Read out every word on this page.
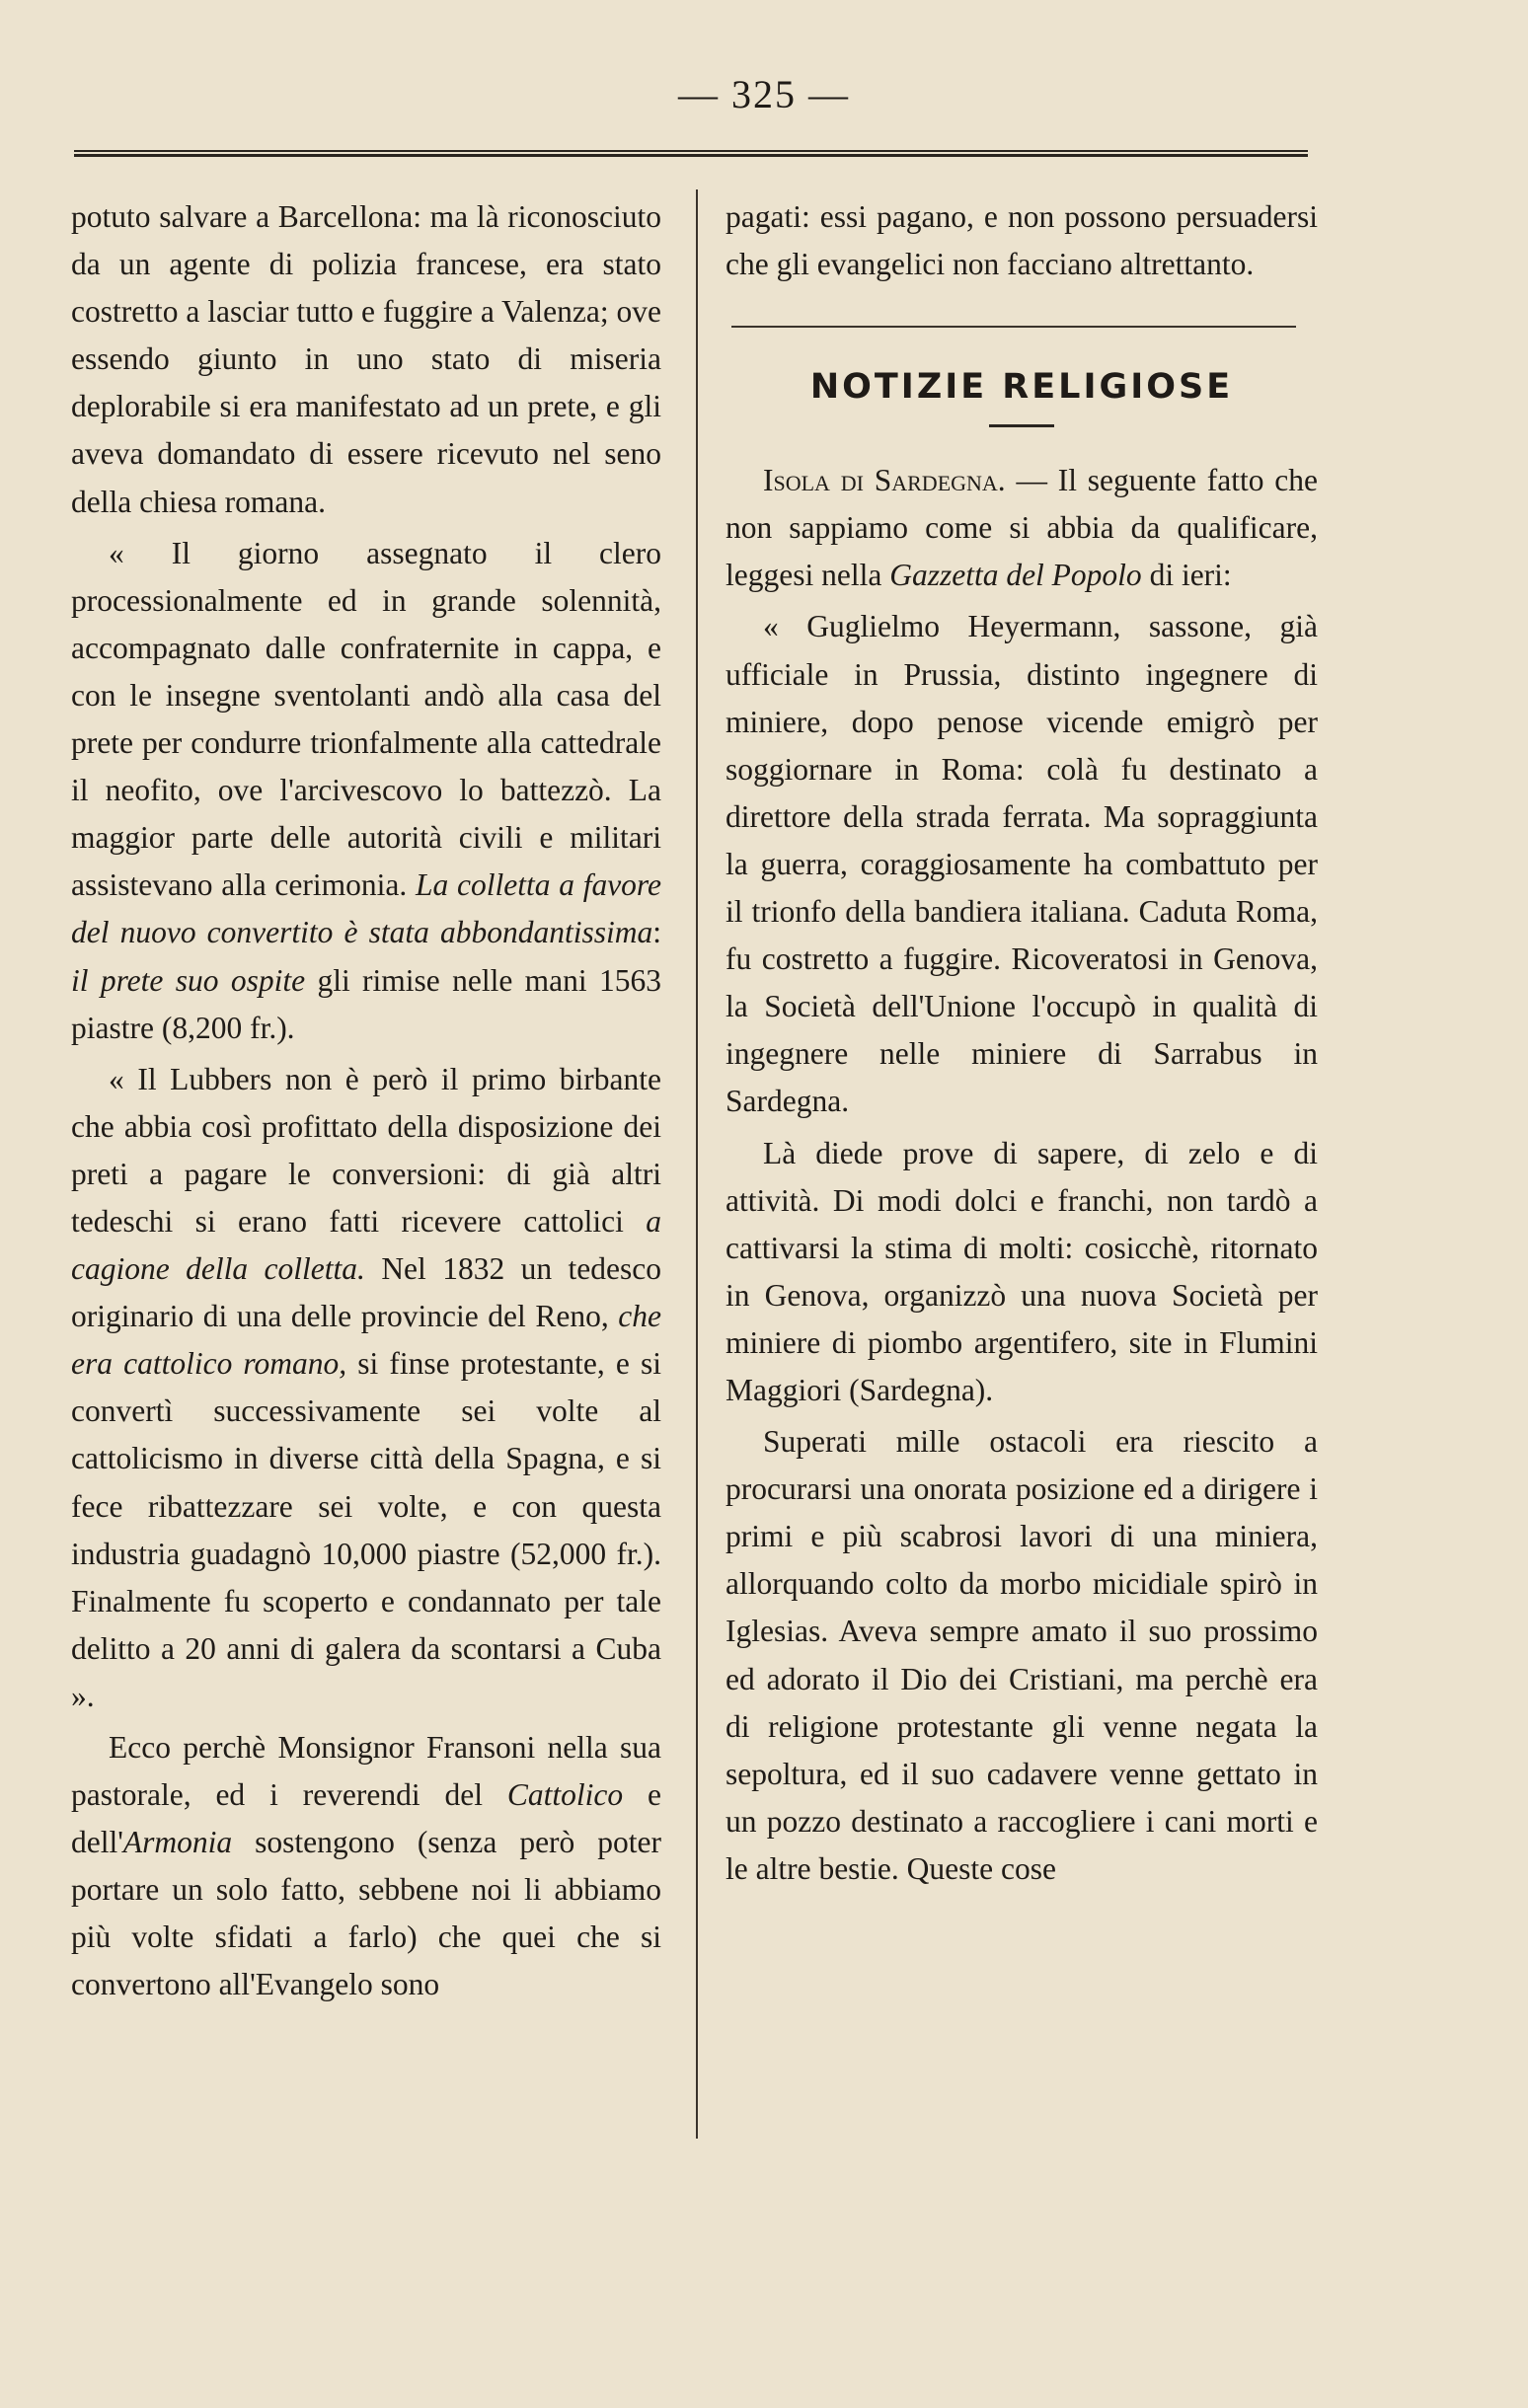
— 325 —

potuto salvare a Barcellona: ma là riconosciuto da un agente di polizia francese, era stato costretto a lasciar tutto e fuggire a Valenza; ove essendo giunto in uno stato di miseria deplorabile si era manifestato ad un prete, e gli aveva domandato di essere ricevuto nel seno della chiesa romana.

« Il giorno assegnato il clero processionalmente ed in grande solennità, accompagnato dalle confraternite in cappa, e con le insegne sventolanti andò alla casa del prete per condurre trionfalmente alla cattedrale il neofito, ove l'arcivescovo lo battezzò. La maggior parte delle autorità civili e militari assistevano alla cerimonia. La colletta a favore del nuovo convertito è stata abbondantissima: il prete suo ospite gli rimise nelle mani 1563 piastre (8,200 fr.).

« Il Lubbers non è però il primo birbante che abbia così profittato della disposizione dei preti a pagare le conversioni: di già altri tedeschi si erano fatti ricevere cattolici a cagione della colletta. Nel 1832 un tedesco originario di una delle provincie del Reno, che era cattolico romano, si finse protestante, e si convertì successivamente sei volte al cattolicismo in diverse città della Spagna, e si fece ribattezzare sei volte, e con questa industria guadagnò 10,000 piastre (52,000 fr.). Finalmente fu scoperto e condannato per tale delitto a 20 anni di galera da scontarsi a Cuba ».

Ecco perchè Monsignor Fransoni nella sua pastorale, ed i reverendi del Cattolico e dell'Armonia sostengono (senza però poter portare un solo fatto, sebbene noi li abbiamo più volte sfidati a farlo) che quei che si convertono all'Evangelo sono

pagati: essi pagano, e non possono persuadersi che gli evangelici non facciano altrettanto.

NOTIZIE RELIGIOSE

Isola di Sardegna. — Il seguente fatto che non sappiamo come si abbia da qualificare, leggesi nella Gazzetta del Popolo di ieri:

« Guglielmo Heyermann, sassone, già ufficiale in Prussia, distinto ingegnere di miniere, dopo penose vicende emigrò per soggiornare in Roma: colà fu destinato a direttore della strada ferrata. Ma sopraggiunta la guerra, coraggiosamente ha combattuto per il trionfo della bandiera italiana. Caduta Roma, fu costretto a fuggire. Ricoveratosi in Genova, la Società dell'Unione l'occupò in qualità di ingegnere nelle miniere di Sarrabus in Sardegna.

Là diede prove di sapere, di zelo e di attività. Di modi dolci e franchi, non tardò a cattivarsi la stima di molti: cosicchè, ritornato in Genova, organizzò una nuova Società per miniere di piombo argentifero, site in Flumini Maggiori (Sardegna).

Superati mille ostacoli era riescito a procurarsi una onorata posizione ed a dirigere i primi e più scabrosi lavori di una miniera, allorquando colto da morbo micidiale spirò in Iglesias. Aveva sempre amato il suo prossimo ed adorato il Dio dei Cristiani, ma perchè era di religione protestante gli venne negata la sepoltura, ed il suo cadavere venne gettato in un pozzo destinato a raccogliere i cani morti e le altre bestie. Queste cose
